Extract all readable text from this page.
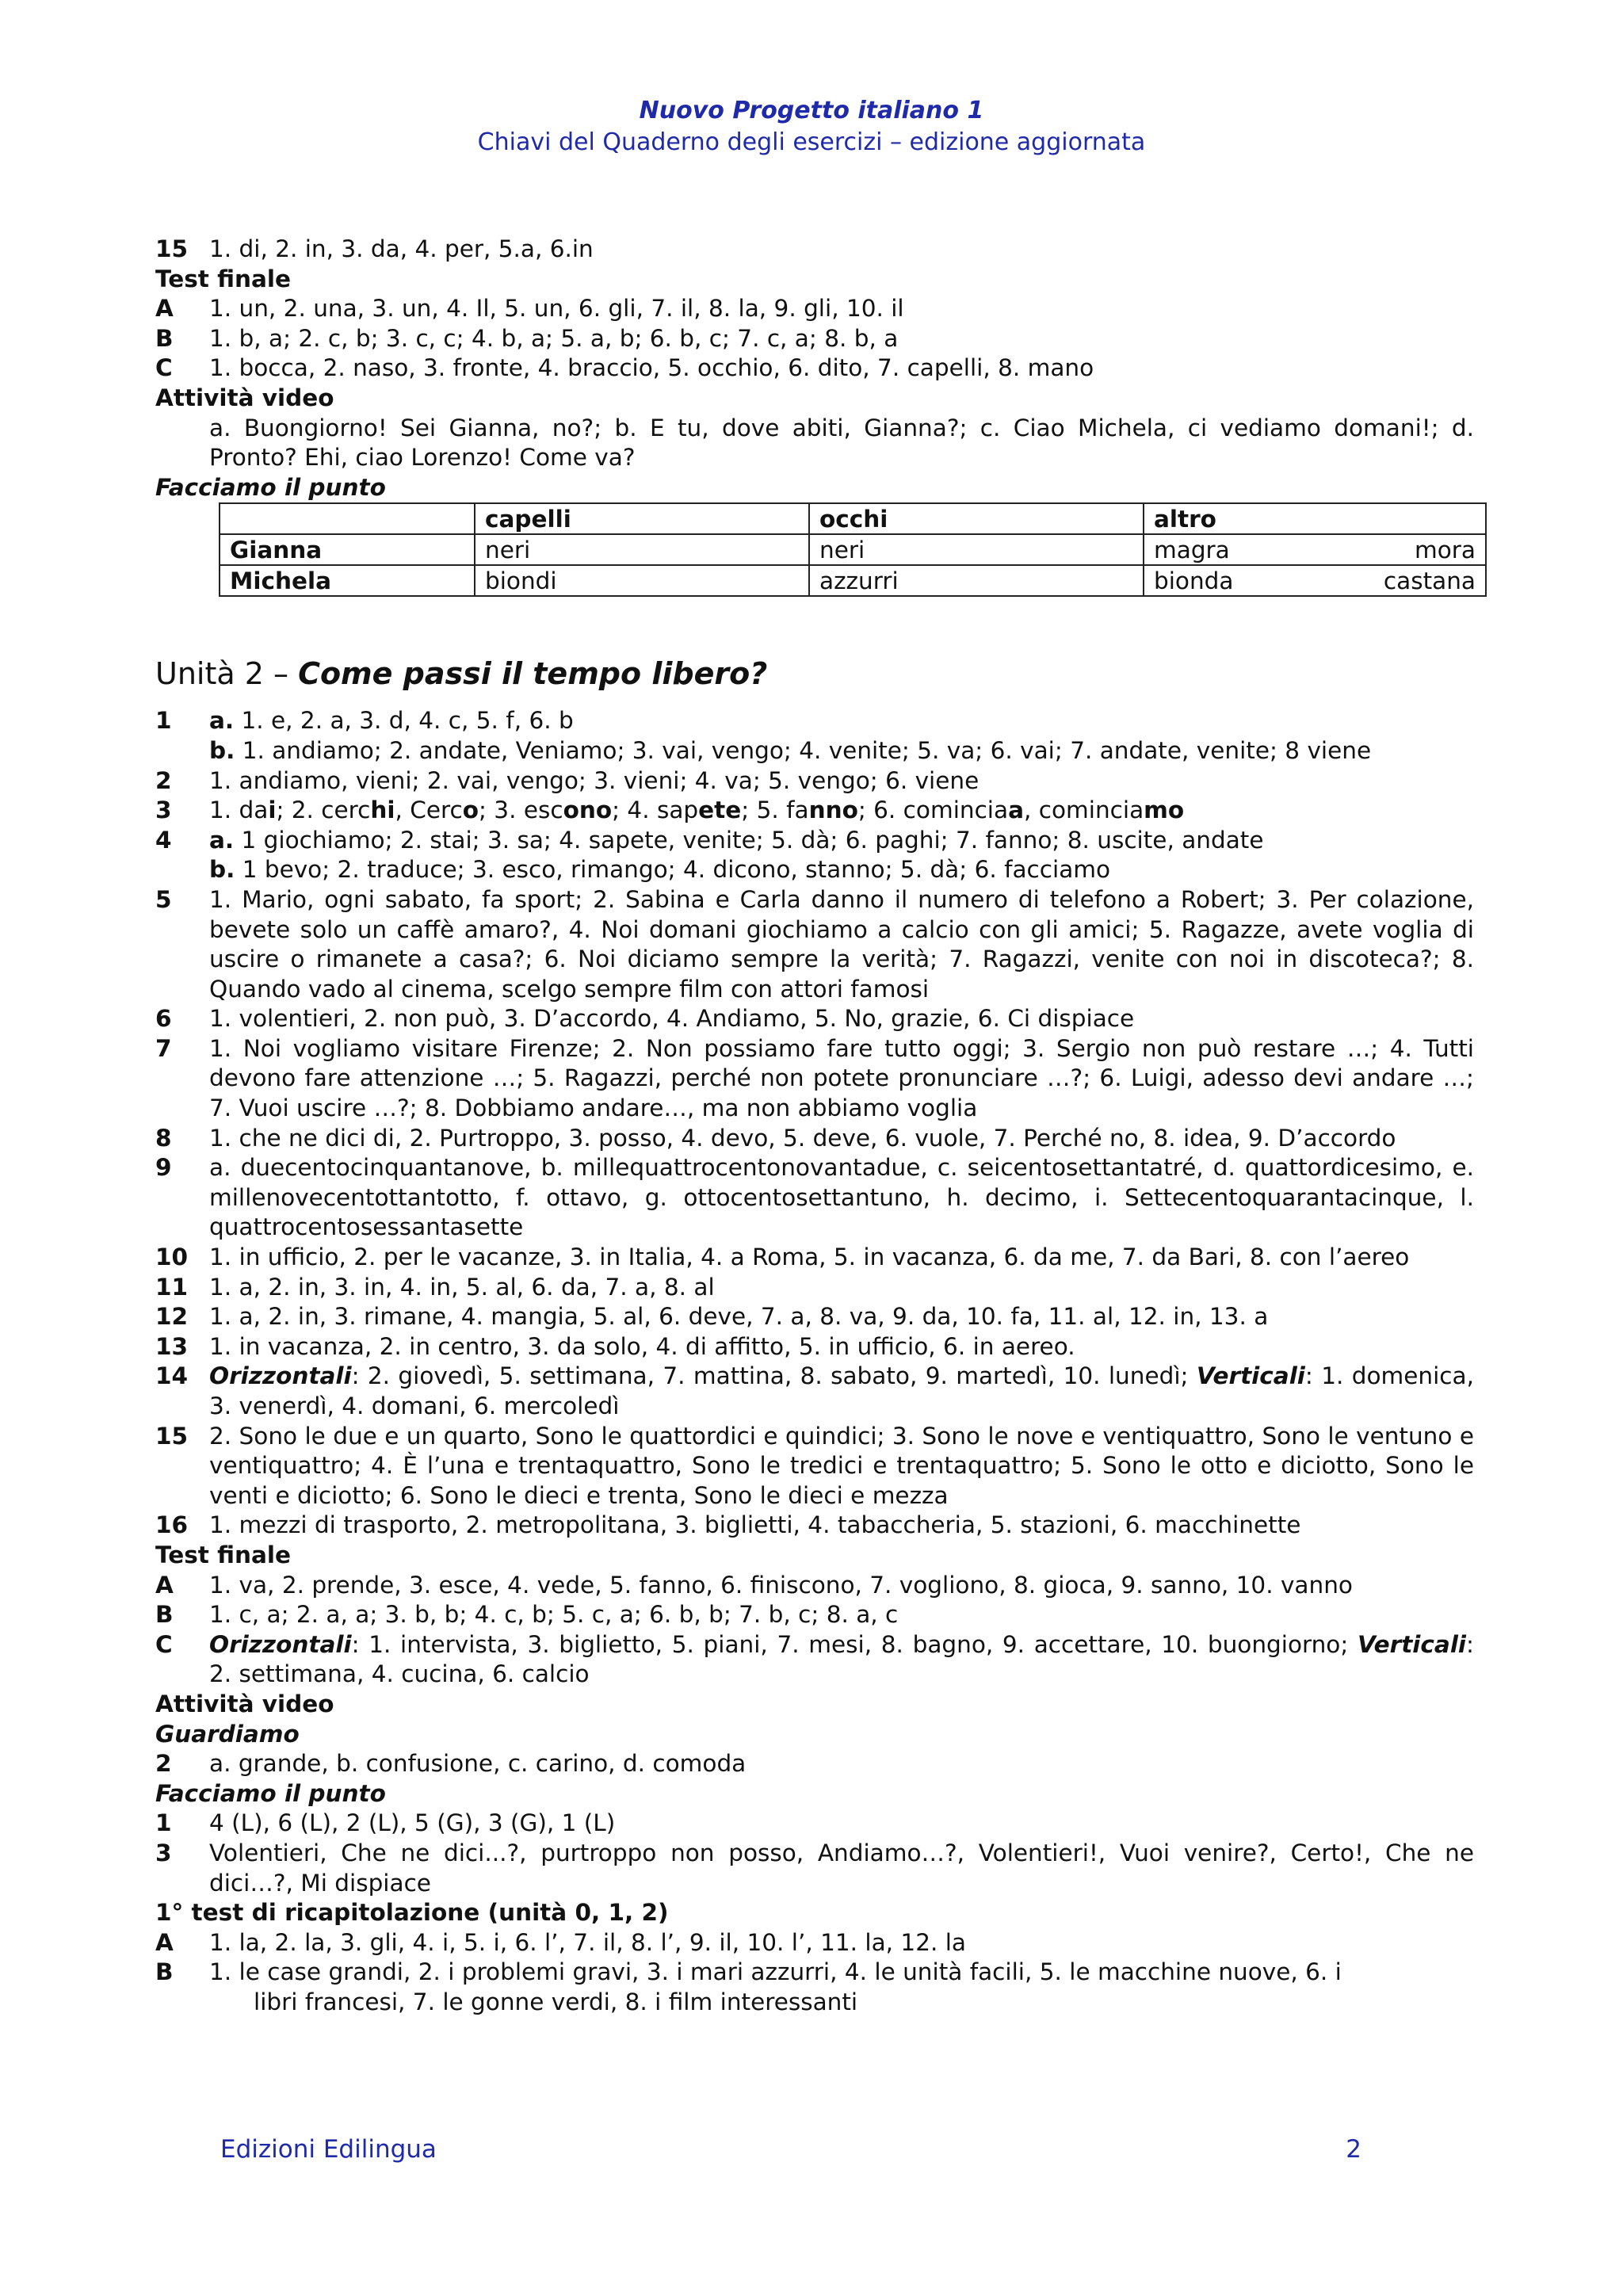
Nuovo Progetto italiano 1
Chiavi del Quaderno degli esercizi – edizione aggiornata
15 1. di, 2. in, 3. da, 4. per, 5.a, 6.in
Test finale
A	1. un, 2. una, 3. un, 4. Il, 5. un, 6. gli, 7. il, 8. la, 9. gli, 10. il
B	1. b, a; 2. c, b; 3. c, c; 4. b, a; 5. a, b; 6. b, c; 7. c, a; 8. b, a
C	1. bocca, 2. naso, 3. fronte, 4. braccio, 5. occhio, 6. dito, 7. capelli, 8. mano
Attività video
a. Buongiorno! Sei Gianna, no?; b. E tu, dove abiti, Gianna?; c. Ciao Michela, ci vediamo domani!; d. Pronto? Ehi, ciao Lorenzo! Come va?
Facciamo il punto
	capelli	occhi	altro
Gianna	neri	neri	magra mora

Michela	biondi	azzurri	bionda castana
Unità 2 – Come passi il tempo libero?
1	a. 1. e, 2. a, 3. d, 4. c, 5. f, 6. b
b. 1. andiamo; 2. andate, Veniamo; 3. vai, vengo; 4. venite; 5. va; 6. vai; 7. andate, venite; 8 viene
2	1. andiamo, vieni; 2. vai, vengo; 3. vieni; 4. va; 5. vengo; 6. viene
3	1. dai; 2. cerchi, Cerco; 3. escono; 4. sapete; 5. fanno; 6. cominciaa, cominciamo
4	a. 1 giochiamo; 2. stai; 3. sa; 4. sapete, venite; 5. dà; 6. paghi; 7. fanno; 8. uscite, andate
b. 1 bevo; 2. traduce; 3. esco, rimango; 4. dicono, stanno; 5. dà; 6. facciamo
5	1. Mario, ogni sabato, fa sport; 2. Sabina e Carla danno il numero di telefono a Robert; 3. Per colazione, bevete solo un caffè amaro?, 4. Noi domani giochiamo a calcio con gli amici; 5. Ragazze, avete voglia di uscire o rimanete a casa?; 6. Noi diciamo sempre la verità; 7. Ragazzi, venite con noi in discoteca?; 8. Quando vado al cinema, scelgo sempre film con attori famosi
6	1. volentieri, 2. non può, 3. D’accordo, 4. Andiamo, 5. No, grazie, 6. Ci dispiace
7	1. Noi vogliamo visitare Firenze; 2. Non possiamo fare tutto oggi; 3. Sergio non può restare …; 4. Tutti devono fare attenzione …; 5. Ragazzi, perché non potete pronunciare …?; 6. Luigi, adesso devi andare …; 7. Vuoi uscire …?; 8. Dobbiamo andare…, ma non abbiamo voglia
8	1. che ne dici di, 2. Purtroppo, 3. posso, 4. devo, 5. deve, 6. vuole, 7. Perché no, 8. idea, 9. D’accordo
9	a. duecentocinquantanove, b. millequattrocentonovantadue, c. seicentosettantatré, d. quattordicesimo, e. millenovecentottantotto, f. ottavo, g. ottocentosettantuno, h. decimo, i. Settecentoquarantacinque, l. quattrocentosessantasette
10 1. in ufficio, 2. per le vacanze, 3. in Italia, 4. a Roma, 5. in vacanza, 6. da me, 7. da Bari, 8. con l’aereo
11 1. a, 2. in, 3. in, 4. in, 5. al, 6. da, 7. a, 8. al
12 1. a, 2. in, 3. rimane, 4. mangia, 5. al, 6. deve, 7. a, 8. va, 9. da, 10. fa, 11. al, 12. in, 13. a
13 1. in vacanza, 2. in centro, 3. da solo, 4. di affitto, 5. in ufficio, 6. in aereo.
14 Orizzontali: 2. giovedì, 5. settimana, 7. mattina, 8. sabato, 9. martedì, 10. lunedì; Verticali: 1. domenica, 3. venerdì, 4. domani, 6. mercoledì
15 2. Sono le due e un quarto, Sono le quattordici e quindici; 3. Sono le nove e ventiquattro, Sono le ventuno e ventiquattro; 4. È l’una e trentaquattro, Sono le tredici e trentaquattro; 5. Sono le otto e diciotto, Sono le venti e diciotto; 6. Sono le dieci e trenta, Sono le dieci e mezza
16 1. mezzi di trasporto, 2. metropolitana, 3. biglietti, 4. tabaccheria, 5. stazioni, 6. macchinette
Test finale
A	1. va, 2. prende, 3. esce, 4. vede, 5. fanno, 6. finiscono, 7. vogliono, 8. gioca, 9. sanno, 10. vanno
B	1. c, a; 2. a, a; 3. b, b; 4. c, b; 5. c, a; 6. b, b; 7. b, c; 8. a, c
C	Orizzontali: 1. intervista, 3. biglietto, 5. piani, 7. mesi, 8. bagno, 9. accettare, 10. buongiorno; Verticali: 2. settimana, 4. cucina, 6. calcio
Attività video
Guardiamo
2	a. grande, b. confusione, c. carino, d. comoda
Facciamo il punto
1	4 (L), 6 (L), 2 (L), 5 (G), 3 (G), 1 (L)
3	Volentieri, Che ne dici...?, purtroppo non posso, Andiamo…?, Volentieri!, Vuoi venire?, Certo!, Che ne dici…?, Mi dispiace
1° test di ricapitolazione (unità 0, 1, 2)
A	1. la, 2. la, 3. gli, 4. i, 5. i, 6. l’, 7. il, 8. l’, 9. il, 10. l’, 11. la, 12. la
B	1. le case grandi, 2. i problemi gravi, 3. i mari azzurri, 4. le unità facili, 5. le macchine nuove, 6. i
libri francesi, 7. le gonne verdi, 8. i film interessanti
Edizioni Edilingua	2
